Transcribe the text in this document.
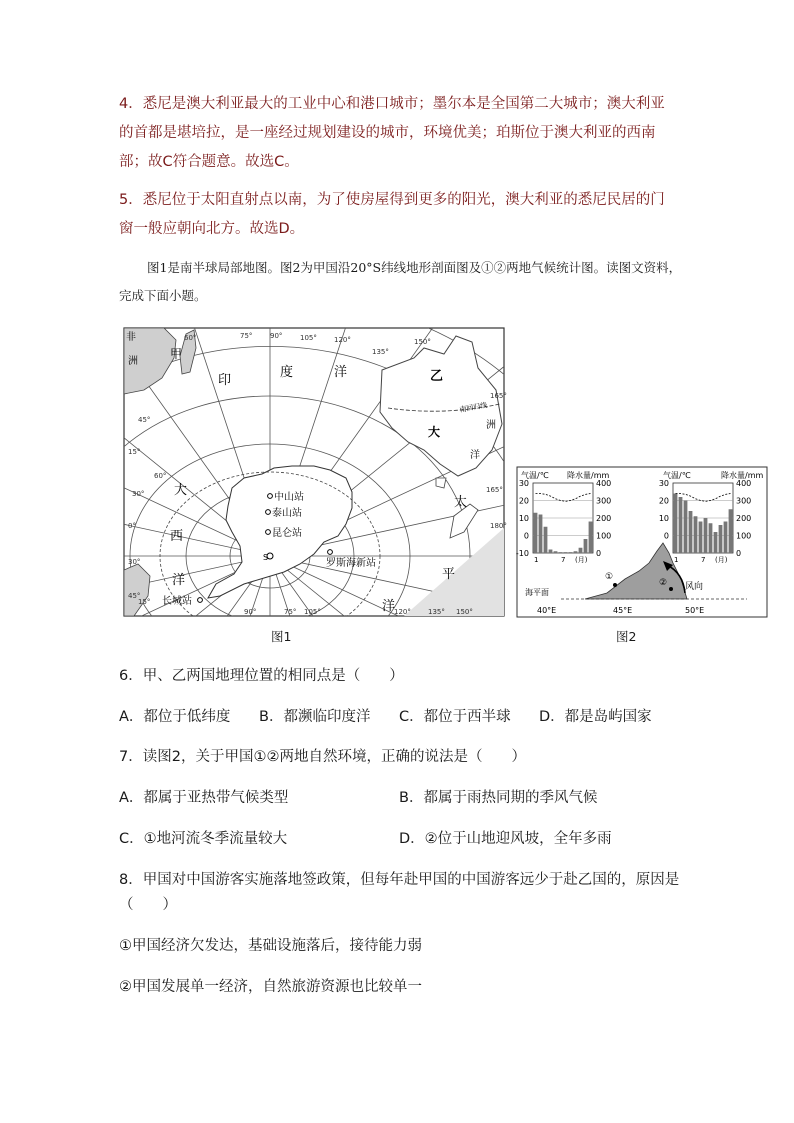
4．悉尼是澳大利亚最大的工业中心和港口城市；墨尔本是全国第二大城市；澳大利亚的首都是堪培拉，是一座经过规划建设的城市，环境优美；珀斯位于澳大利亚的西南部；故C符合题意。故选C。
5．悉尼位于太阳直射点以南，为了使房屋得到更多的阳光，澳大利亚的悉尼民居的门窗一般应朝向北方。故选D。
图1是南半球局部地图。图2为甲国沿20°S纬线地形剖面图及①②两地气候统计图。读图文资料，完成下面小题。
非
洲
甲
印
度	洋	乙
南回归线
大
洋
洲
大
西
洋
太
平
洋
中山站
泰山站
昆仑站
S
罗斯海新站
长城站
15°
30°
45°
60°	75°	90°	105° 120°
135°
150°
165°
180°
165°
150°
135°
120°
105°
90°	75°
60°
45°
30°
15°
0°
图1
气温/℃ 降水量/mm
30
20
10
0
-10
400
300
200
100
0
1	7 (月)
气温/℃	降水量/mm
30
20
10
0
400
300
200
100
0
1	7 (月)
海平面
①
② 风向
40°E	45°E	50°E
图2
6．甲、乙两国地理位置的相同点是（　　）
A．都位于低纬度 B．都濒临印度洋 C．都位于西半球 D．都是岛屿国家
7．读图2，关于甲国①②两地自然环境，正确的说法是（　　）
A．都属于亚热带气候类型	B．都属于雨热同期的季风气候
C．①地河流冬季流量较大	D．②位于山地迎风坡，全年多雨
8．甲国对中国游客实施落地签政策，但每年赴甲国的中国游客远少于赴乙国的，原因是
（　　）
①甲国经济欠发达，基础设施落后，接待能力弱
②甲国发展单一经济，自然旅游资源也比较单一
